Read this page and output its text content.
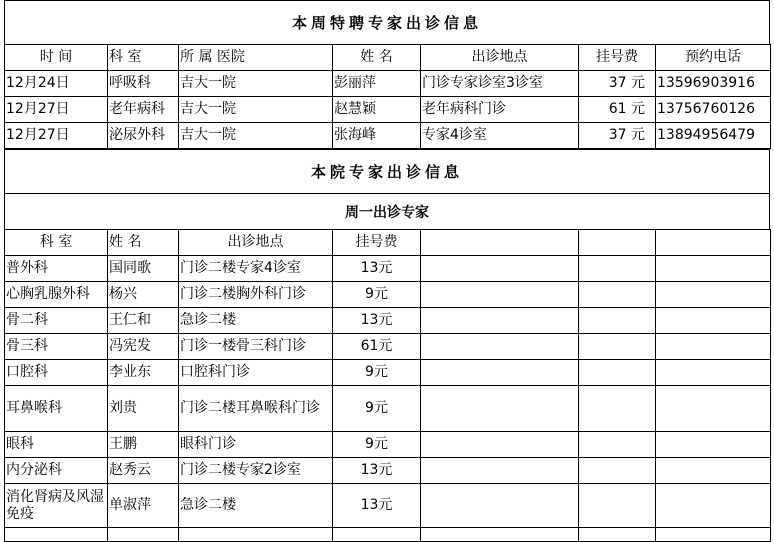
本周特聘专家出诊信息
时 间	科 室	所 属 医院	姓 名	出诊地点	挂号费	预约电话
12月24日	呼吸科	吉大一院	彭丽萍	门诊专家诊室3诊室	37 元	13596903916
12月27日	老年病科	吉大一院	赵慧颖	老年病科门诊	61 元	13756760126
12月27日	泌尿外科	吉大一院	张海峰	专家4诊室	37 元	13894956479
本院专家出诊信息
周一出诊专家
科 室	姓 名	出诊地点	挂号费			
普外科	国同歌	门诊二楼专家4诊室	13元			
心胸乳腺外科	杨兴	门诊二楼胸外科门诊	9元			
骨二科	王仁和	急诊二楼	13元			
骨三科	冯宪发	门诊一楼骨三科门诊	61元			
口腔科	李业东	口腔科门诊	9元			
耳鼻喉科	刘贵	门诊二楼耳鼻喉科门诊	9元			
眼科	王鹏	眼科门诊	9元			
内分泌科	赵秀云	门诊二楼专家2诊室	13元			
消化肾病及风湿免疫	单淑萍	急诊二楼	13元			
